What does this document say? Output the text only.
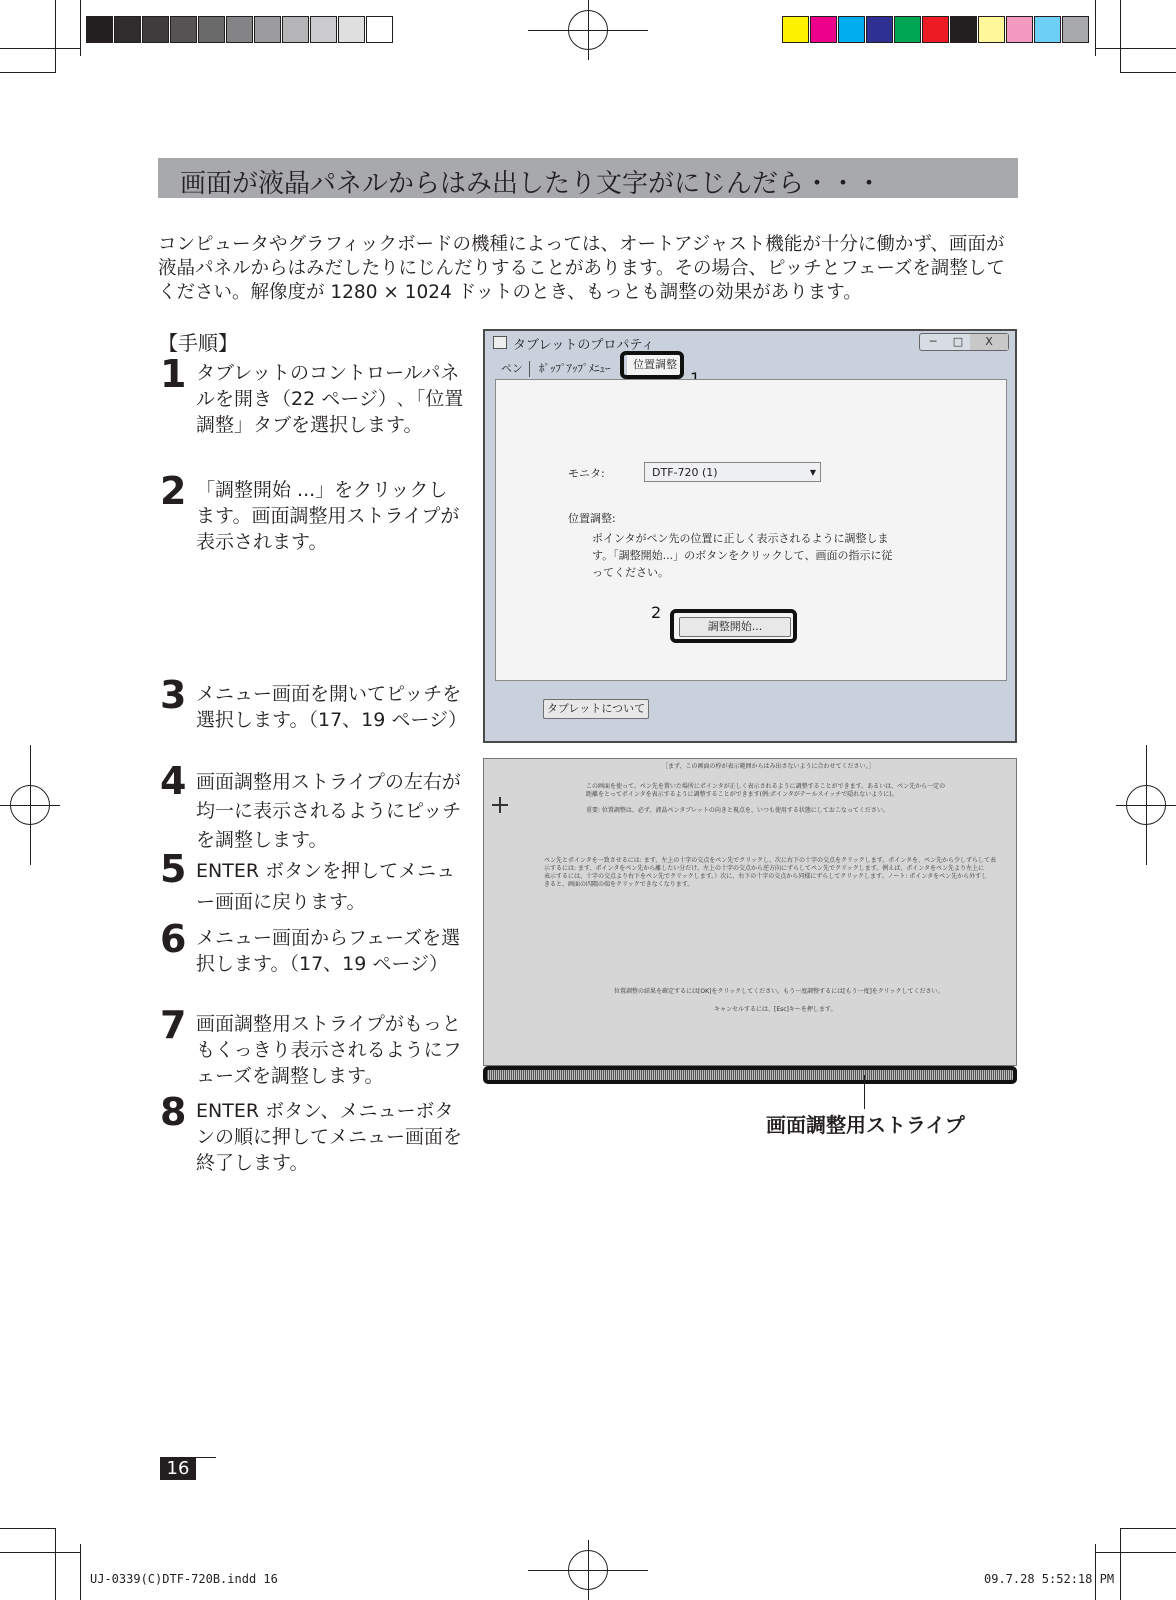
画面が液晶パネルからはみ出したり文字がにじんだら・・・
コンピュータやグラフィックボードの機種によっては、オートアジャスト機能が十分に働かず、画面が液晶パネルからはみだしたりにじんだりすることがあります。その場合、ピッチとフェーズを調整してください。解像度が 1280 × 1024 ドットのとき、もっとも調整の効果があります。
【手順】
1 タブレットのコントロールパネルを開き（22 ページ）､「位置調整」タブを選択します。
2 「調整開始 ...」をクリックします。画面調整用ストライプが表示されます。
3 メニュー画面を開いてピッチを選択します。（17、19 ページ）
4 画面調整用ストライプの左右が均一に表示されるようにピッチを調整します。
5 ENTER ボタンを押してメニュー画面に戻ります。
6 メニュー画面からフェーズを選択します。（17、19 ページ）
7 画面調整用ストライプがもっともくっきり表示されるようにフェーズを調整します。
8 ENTER ボタン、メニューボタンの順に押してメニュー画面を終了します。
タブレットのプロパティ	─	□	X
ペン ﾎﾟｯﾌﾟｱｯﾌﾟﾒﾆｭｰ	位置調整
モニタ:	DTF-720 (1)	▼
位置調整:
ポインタがペン先の位置に正しく表示されるように調整します。「調整開始...」のボタンをクリックして、画面の指示に従ってください。
2
調整開始...
タブレットについて
［まず、この画面の枠が表示範囲からはみ出さないように合わせてください。］
この画面を使って、ペン先を置いた場所にポインタが正しく表示されるように調整することができます。あるいは、ペン先から一定の
距離をとってポインタを表示するように調整することができます(例:ポインタがテールスイッチで隠れないように)。
重要: 位置調整は、必ず、液晶ペンタブレットの向きと視点を、いつも使用する状態にしておこなってください。
ペン先とポインタを一致させるには: ます、左上の十字の交点をペン先でクリックし、次に右下の十字の交点をクリックします。ポインタを、ペン先から少しずらして表
示するには: ます、ポインタをペン先から離したい分だけ、左上の十字の交点から逆方向にずらしてペン先でクリックします。例えば、ポインタをペン先より左上に
表示するには、十字の交点より右下をペン先でクリックします。）次に、右下の十字の交点から同様にずらしてクリックします。ノート: ポインタをペン先から外すし
きると、画面の四隅の端をクリックできなくなります。
位置調整の結果を確定するには[OK]をクリックしてください。もう一度調整するには[もう一度]をクリックしてください。
キャンセルするには、[Esc]キーを押します。
画面調整用ストライプ
16
UJ-0339(C)DTF-720B.indd 16	09.7.28 5:52:18 PM
